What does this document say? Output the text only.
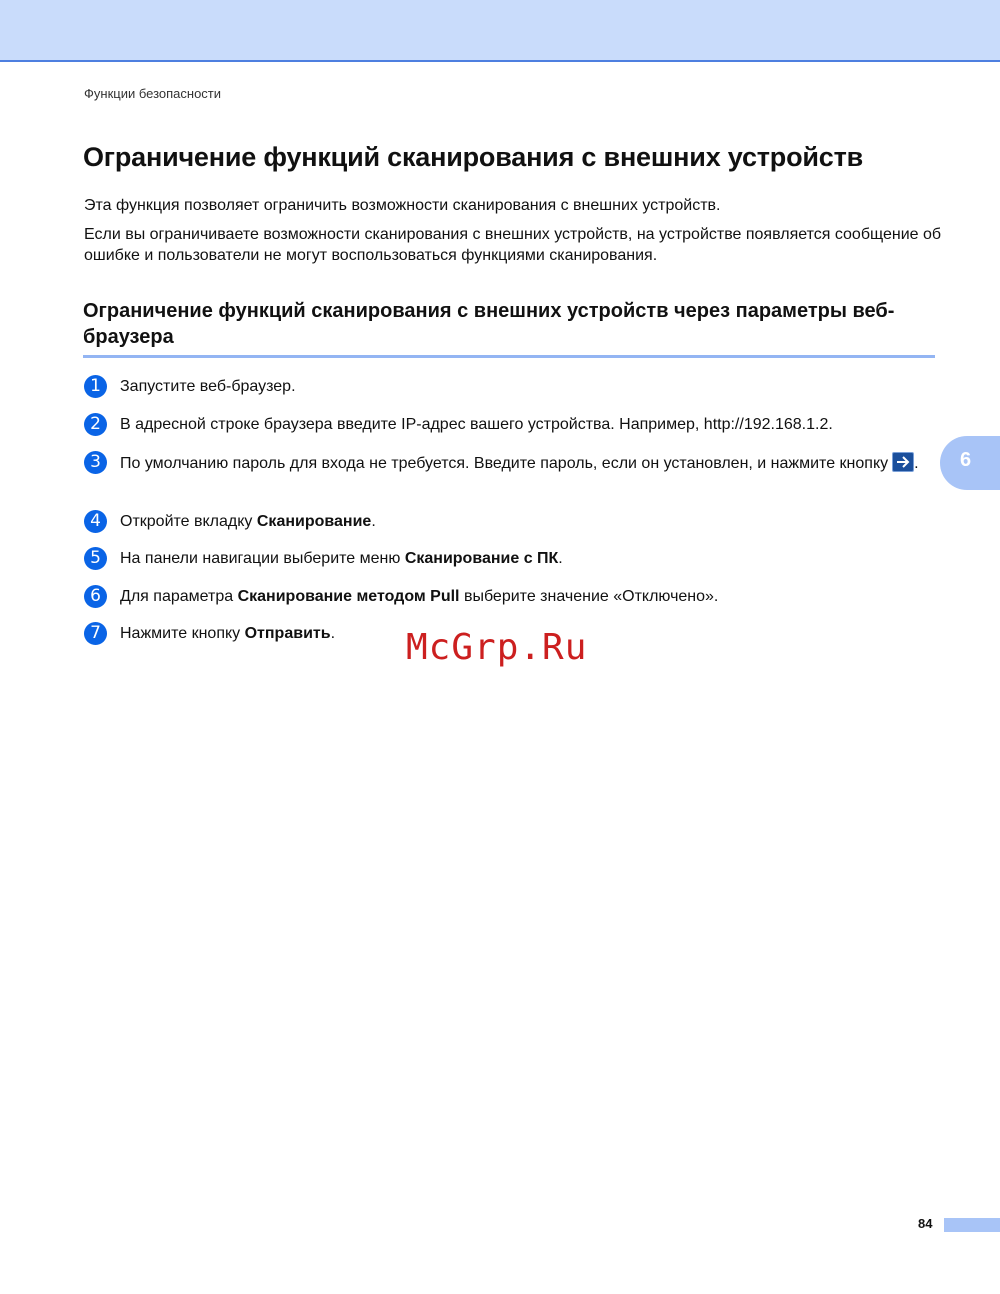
Функции безопасности
Ограничение функций сканирования с внешних устройств

Эта функция позволяет ограничить возможности сканирования с внешних устройств.

Если вы ограничиваете возможности сканирования с внешних устройств, на устройстве появляется сообщение об ошибке и пользователи не могут воспользоваться функциями сканирования.

Ограничение функций сканирования с внешних устройств через параметры веб-браузера
1	Запустите веб-браузер.
2	В адресной строке браузера введите IP-адрес вашего устройства. Например, http://192.168.1.2.
3	По умолчанию пароль для входа не требуется. Введите пароль, если он установлен, и нажмите кнопку .
4	Откройте вкладку Сканирование.
5	На панели навигации выберите меню Сканирование с ПК.
6	Для параметра Сканирование методом Pull выберите значение «Отключено».
7	Нажмите кнопку Отправить.
6
McGrp.Ru
84
